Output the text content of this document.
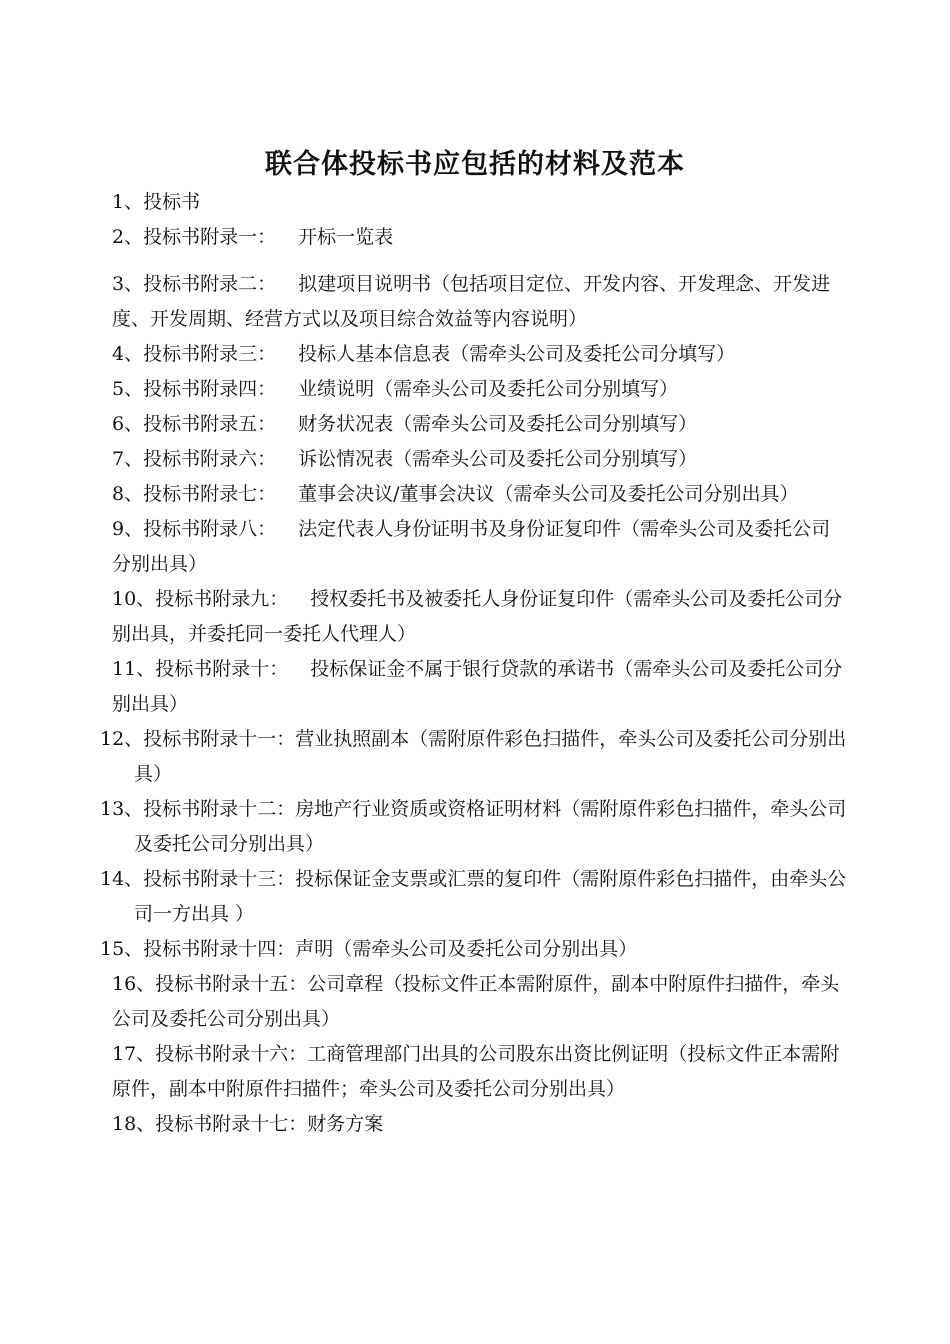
联合体投标书应包括的材料及范本

1、投标书

2、投标书附录一： 开标一览表

3、投标书附录二： 拟建项目说明书（包括项目定位、开发内容、开发理念、开发进度、开发周期、经营方式以及项目综合效益等内容说明）

4、投标书附录三： 投标人基本信息表（需牵头公司及委托公司分填写）

5、投标书附录四： 业绩说明（需牵头公司及委托公司分别填写）

6、投标书附录五： 财务状况表（需牵头公司及委托公司分别填写）

7、投标书附录六： 诉讼情况表（需牵头公司及委托公司分别填写）

8、投标书附录七： 董事会决议/董事会决议（需牵头公司及委托公司分别出具）

9、投标书附录八： 法定代表人身份证明书及身份证复印件（需牵头公司及委托公司分别出具）

10、投标书附录九： 授权委托书及被委托人身份证复印件（需牵头公司及委托公司分别出具，并委托同一委托人代理人）

11、投标书附录十： 投标保证金不属于银行贷款的承诺书（需牵头公司及委托公司分别出具）

12、投标书附录十一：营业执照副本（需附原件彩色扫描件，牵头公司及委托公司分别出具）

13、投标书附录十二：房地产行业资质或资格证明材料（需附原件彩色扫描件，牵头公司及委托公司分别出具）

14、投标书附录十三：投标保证金支票或汇票的复印件（需附原件彩色扫描件，由牵头公司一方出具 ）

15、投标书附录十四：声明（需牵头公司及委托公司分别出具）

16、投标书附录十五：公司章程（投标文件正本需附原件，副本中附原件扫描件，牵头公司及委托公司分别出具）

17、投标书附录十六：工商管理部门出具的公司股东出资比例证明（投标文件正本需附原件，副本中附原件扫描件；牵头公司及委托公司分别出具）

18、投标书附录十七：财务方案
